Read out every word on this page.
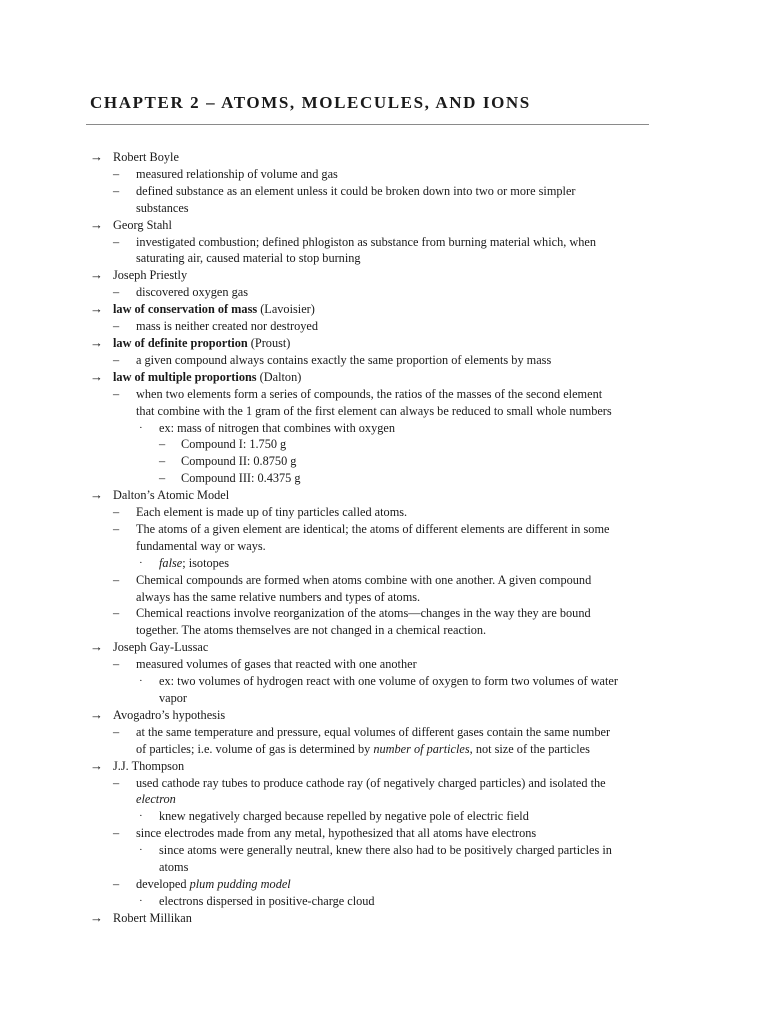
CHAPTER 2 – ATOMS, MOLECULES, AND IONS
→ Robert Boyle
– measured relationship of volume and gas
– defined substance as an element unless it could be broken down into two or more simpler
substances
→ Georg Stahl
– investigated combustion; defined phlogiston as substance from burning material which, when
saturating air, caused material to stop burning
→ Joseph Priestly
– discovered oxygen gas
→ law of conservation of mass (Lavoisier)
– mass is neither created nor destroyed
→ law of definite proportion (Proust)
– a given compound always contains exactly the same proportion of elements by mass
→ law of multiple proportions (Dalton)
– when two elements form a series of compounds, the ratios of the masses of the second element
that combine with the 1 gram of the first element can always be reduced to small whole numbers
· ex: mass of nitrogen that combines with oxygen
– Compound I: 1.750 g
– Compound II: 0.8750 g
– Compound III: 0.4375 g
→ Dalton’s Atomic Model
– Each element is made up of tiny particles called atoms.
– The atoms of a given element are identical; the atoms of different elements are different in some
fundamental way or ways.
· false; isotopes
– Chemical compounds are formed when atoms combine with one another. A given compound
always has the same relative numbers and types of atoms.
– Chemical reactions involve reorganization of the atoms—changes in the way they are bound
together. The atoms themselves are not changed in a chemical reaction.
→ Joseph Gay-Lussac
– measured volumes of gases that reacted with one another
· ex: two volumes of hydrogen react with one volume of oxygen to form two volumes of water
vapor
→ Avogadro’s hypothesis
– at the same temperature and pressure, equal volumes of different gases contain the same number
of particles; i.e. volume of gas is determined by number of particles, not size of the particles
→ J.J. Thompson
– used cathode ray tubes to produce cathode ray (of negatively charged particles) and isolated the
electron
· knew negatively charged because repelled by negative pole of electric field
– since electrodes made from any metal, hypothesized that all atoms have electrons
· since atoms were generally neutral, knew there also had to be positively charged particles in
atoms
– developed plum pudding model
· electrons dispersed in positive-charge cloud
→ Robert Millikan
